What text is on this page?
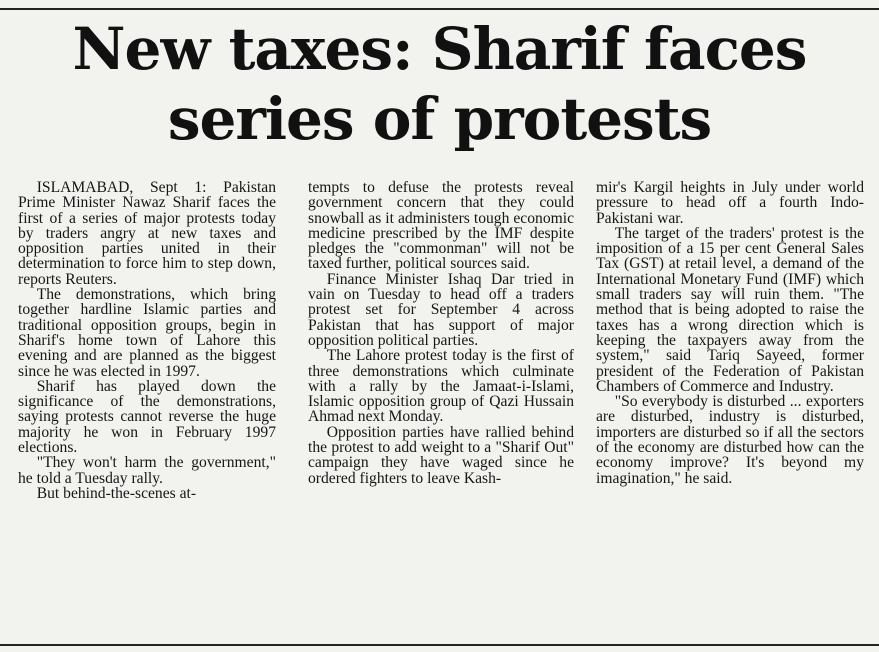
New taxes: Sharif faces
series of protests

ISLAMABAD, Sept 1: Pakistan Prime Minister Nawaz Sharif faces the first of a series of major protests today by traders angry at new taxes and opposition parties united in their determination to force him to step down, reports Reuters.

The demonstrations, which bring together hardline Islamic parties and traditional opposition groups, begin in Sharif's home town of Lahore this evening and are planned as the biggest since he was elected in 1997.

Sharif has played down the significance of the demonstrations, saying protests cannot reverse the huge majority he won in February 1997 elections.

"They won't harm the government," he told a Tuesday rally.

But behind-the-scenes at-

tempts to defuse the protests reveal government concern that they could snowball as it administers tough economic medicine prescribed by the IMF despite pledges the "commonman" will not be taxed further, political sources said.

Finance Minister Ishaq Dar tried in vain on Tuesday to head off a traders protest set for September 4 across Pakistan that has support of major opposition political parties.

The Lahore protest today is the first of three demonstrations which culminate with a rally by the Jamaat-i-Islami, Islamic opposition group of Qazi Hussain Ahmad next Monday.

Opposition parties have rallied behind the protest to add weight to a "Sharif Out" campaign they have waged since he ordered fighters to leave Kash-

mir's Kargil heights in July under world pressure to head off a fourth Indo-Pakistani war.

The target of the traders' protest is the imposition of a 15 per cent General Sales Tax (GST) at retail level, a demand of the International Monetary Fund (IMF) which small traders say will ruin them. "The method that is being adopted to raise the taxes has a wrong direction which is keeping the taxpayers away from the system," said Tariq Sayeed, former president of the Federation of Pakistan Chambers of Commerce and Industry.

"So everybody is disturbed ... exporters are disturbed, industry is disturbed, importers are disturbed so if all the sectors of the economy are disturbed how can the economy improve? It's beyond my imagination," he said.
